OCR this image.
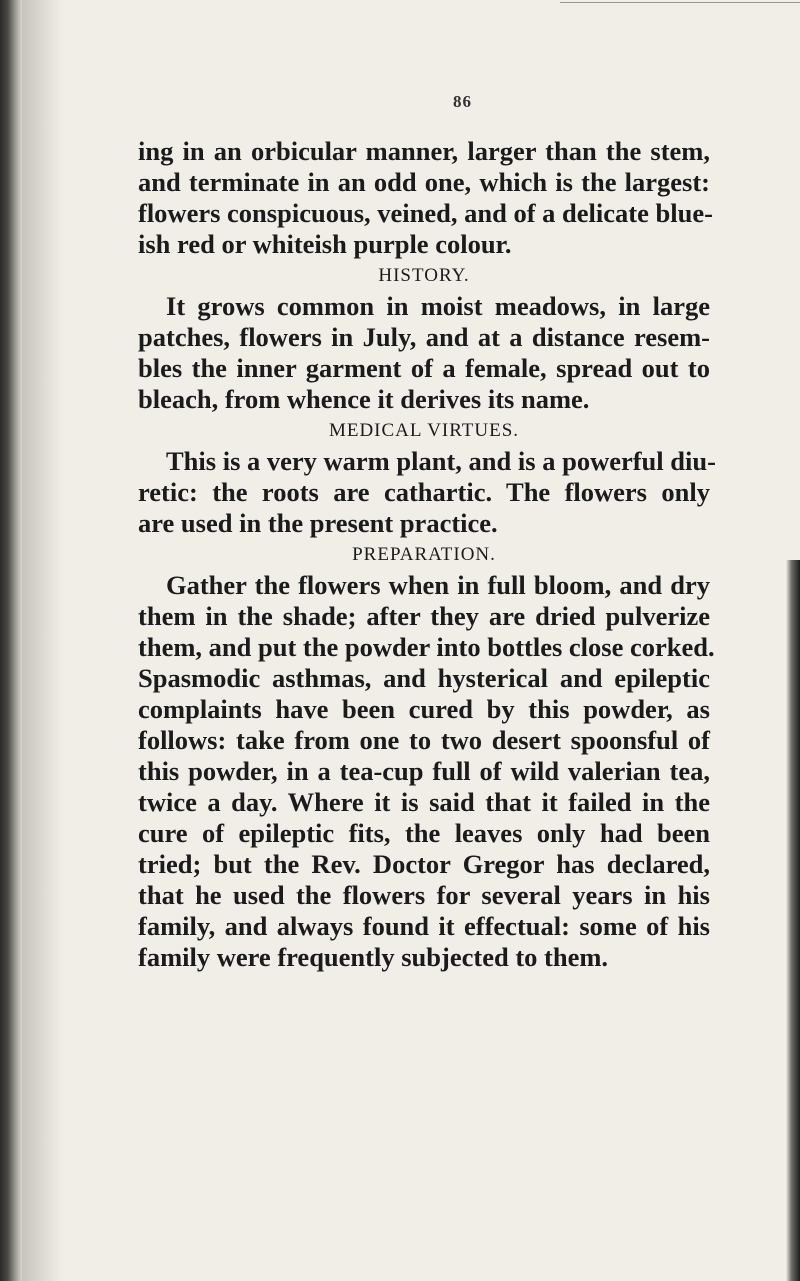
86
ing in an orbicular manner, larger than the stem,
and terminate in an odd one, which is the largest:
flowers conspicuous, veined, and of a delicate blue-
ish red or whiteish purple colour.
HISTORY.
It grows common in moist meadows, in large
patches, flowers in July, and at a distance resem-
bles the inner garment of a female, spread out to
bleach, from whence it derives its name.
MEDICAL VIRTUES.
This is a very warm plant, and is a powerful diu-
retic: the roots are cathartic. The flowers only
are used in the present practice.
PREPARATION.
Gather the flowers when in full bloom, and dry
them in the shade; after they are dried pulverize
them, and put the powder into bottles close corked.
Spasmodic asthmas, and hysterical and epileptic
complaints have been cured by this powder, as
follows: take from one to two desert spoonsful of
this powder, in a tea-cup full of wild valerian tea,
twice a day. Where it is said that it failed in the
cure of epileptic fits, the leaves only had been
tried; but the Rev. Doctor Gregor has declared,
that he used the flowers for several years in his
family, and always found it effectual: some of his
family were frequently subjected to them.
